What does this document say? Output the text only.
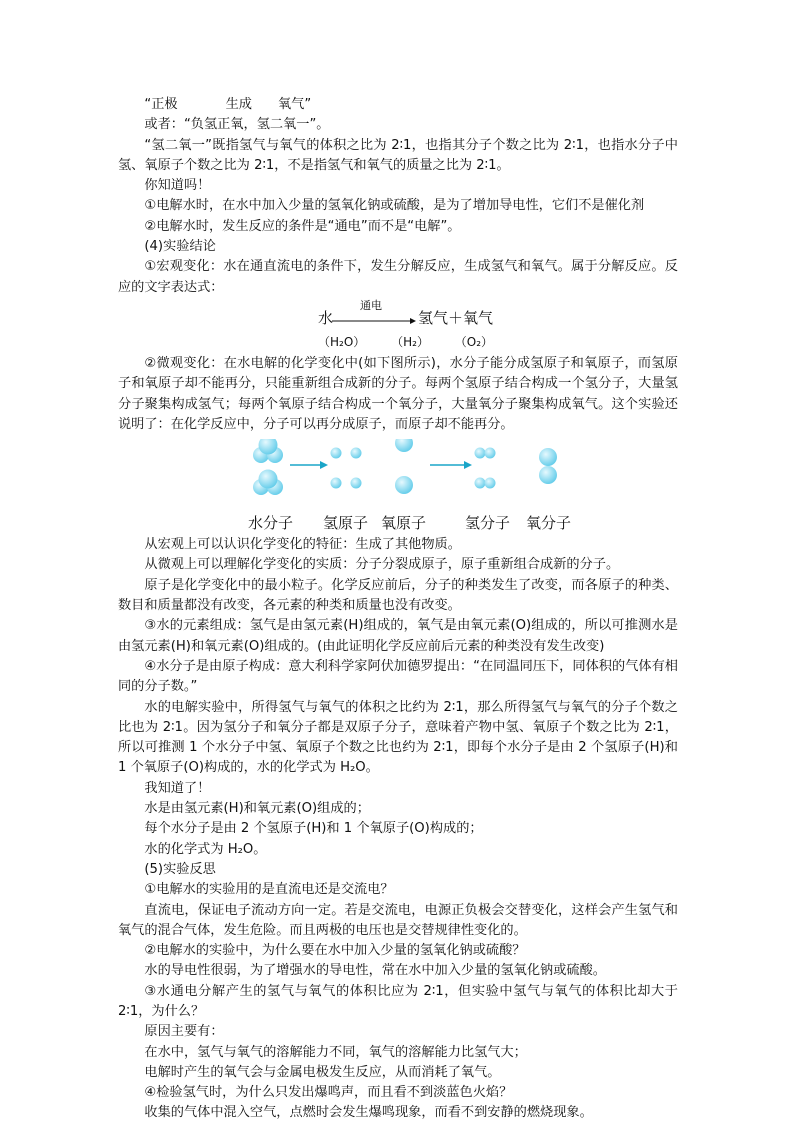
“正极	生成 氧气”

或者：“负氢正氧，氢二氧一”。

“氢二氧一”既指氢气与氧气的体积之比为 2∶1，也指其分子个数之比为 2∶1，也指水分子中氢、氧原子个数之比为 2∶1，不是指氢气和氧气的质量之比为 2∶1。

你知道吗！

①电解水时，在水中加入少量的氢氧化钠或硫酸，是为了增加导电性，它们不是催化剂

②电解水时，发生反应的条件是“通电”而不是“电解”。

(4)实验结论

①宏观变化：水在通直流电的条件下，发生分解反应，生成氢气和氧气。属于分解反应。反应的文字表达式：

水
通电
氢气＋氧气
（H₂O） （H₂） （O₂）

②微观变化：在水电解的化学变化中(如下图所示)，水分子能分成氢原子和氧原子，而氢原子和氧原子却不能再分，只能重新组合成新的分子。每两个氢原子结合构成一个氢分子，大量氢分子聚集构成氢气；每两个氧原子结合构成一个氧分子，大量氧分子聚集构成氧气。这个实验还说明了：在化学反应中，分子可以再分成原子，而原子却不能再分。

水分子 氢原子 氧原子	氢分子 氧分子

从宏观上可以认识化学变化的特征：生成了其他物质。

从微观上可以理解化学变化的实质：分子分裂成原子，原子重新组合成新的分子。

原子是化学变化中的最小粒子。化学反应前后，分子的种类发生了改变，而各原子的种类、数目和质量都没有改变，各元素的种类和质量也没有改变。

③水的元素组成：氢气是由氢元素(H)组成的，氧气是由氧元素(O)组成的，所以可推测水是由氢元素(H)和氧元素(O)组成的。(由此证明化学反应前后元素的种类没有发生改变)

④水分子是由原子构成：意大利科学家阿伏加德罗提出：“在同温同压下，同体积的气体有相同的分子数。”

水的电解实验中，所得氢气与氧气的体积之比约为 2∶1，那么所得氢气与氧气的分子个数之比也为 2∶1。因为氢分子和氧分子都是双原子分子，意味着产物中氢、氧原子个数之比为 2∶1，所以可推测 1 个水分子中氢、氧原子个数之比也约为 2∶1，即每个水分子是由 2 个氢原子(H)和 1 个氧原子(O)构成的，水的化学式为 H₂O。

我知道了！

水是由氢元素(H)和氧元素(O)组成的；

每个水分子是由 2 个氢原子(H)和 1 个氧原子(O)构成的；

水的化学式为 H₂O。

(5)实验反思

①电解水的实验用的是直流电还是交流电？

直流电，保证电子流动方向一定。若是交流电，电源正负极会交替变化，这样会产生氢气和氧气的混合气体，发生危险。而且两极的电压也是交替规律性变化的。

②电解水的实验中，为什么要在水中加入少量的氢氧化钠或硫酸？

水的导电性很弱，为了增强水的导电性，常在水中加入少量的氢氧化钠或硫酸。

③水通电分解产生的氢气与氧气的体积比应为 2∶1，但实验中氢气与氧气的体积比却大于 2∶1，为什么？

原因主要有：

在水中，氢气与氧气的溶解能力不同，氧气的溶解能力比氢气大；

电解时产生的氧气会与金属电极发生反应，从而消耗了氧气。

④检验氢气时，为什么只发出爆鸣声，而且看不到淡蓝色火焰？

收集的气体中混入空气，点燃时会发生爆鸣现象，而看不到安静的燃烧现象。
